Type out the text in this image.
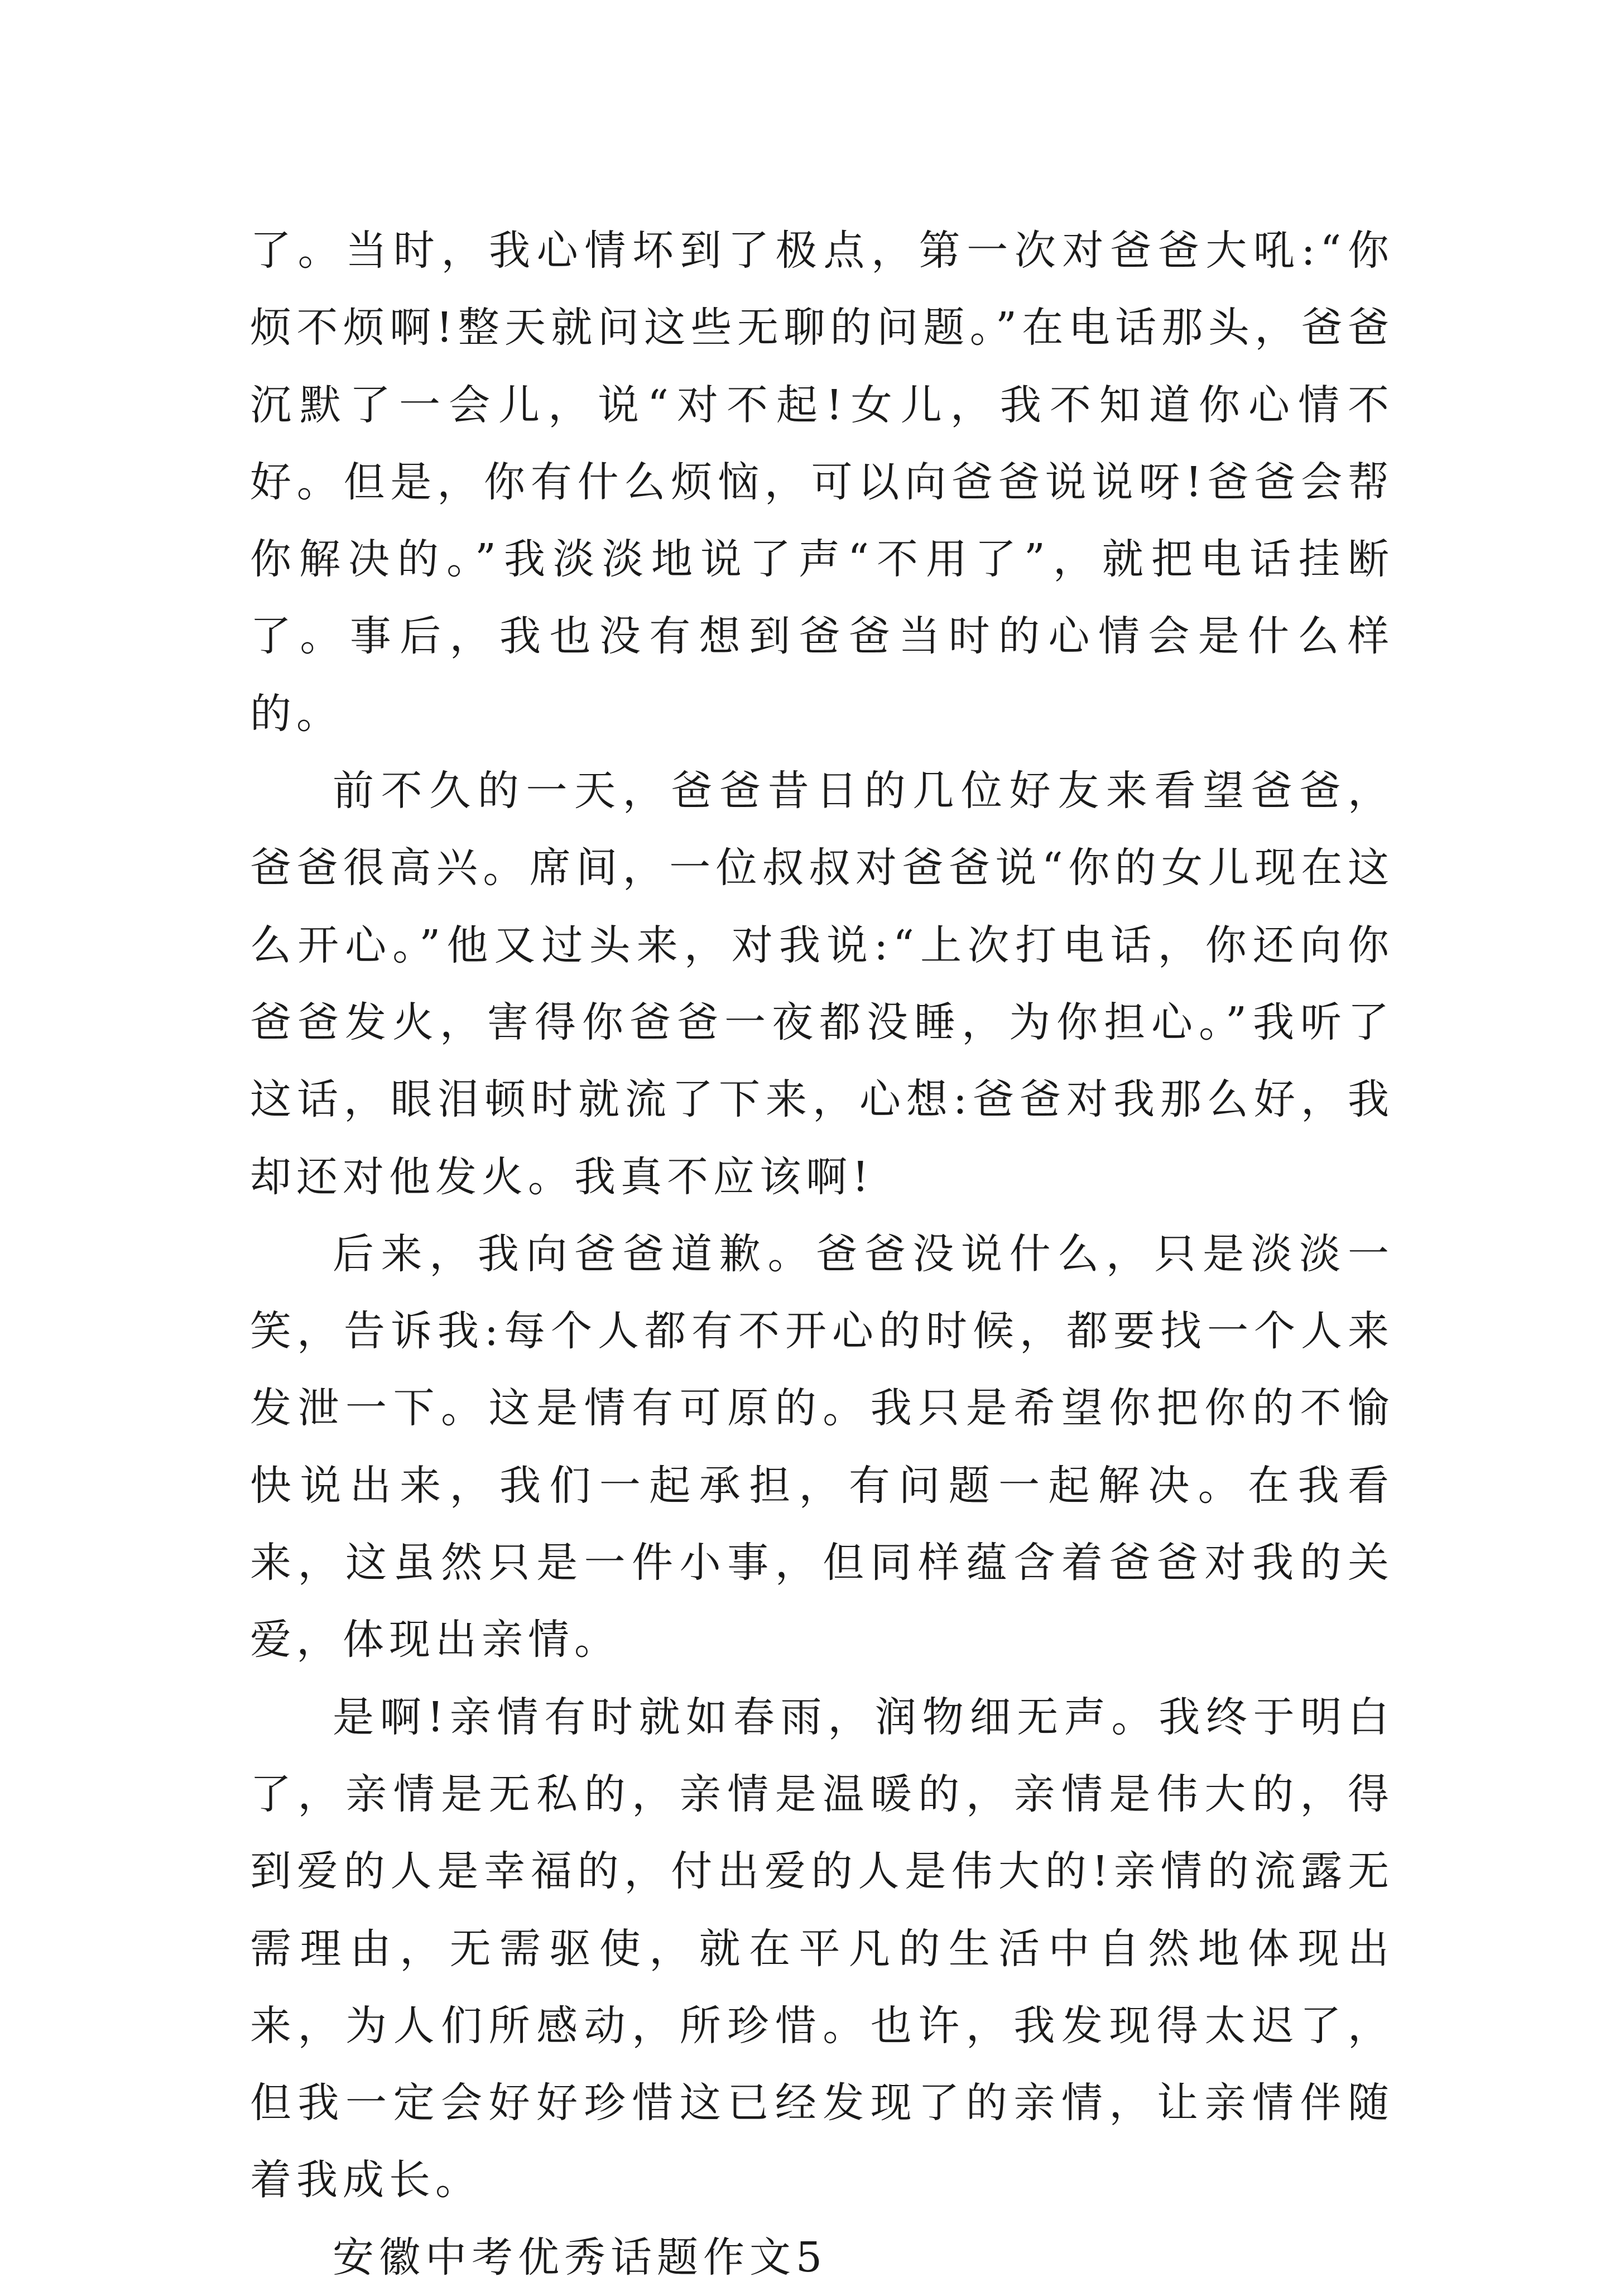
了。当时，我心情坏到了极点，第一次对爸爸大吼:“你烦不烦啊!整天就问这些无聊的问题。”在电话那头，爸爸沉默了一会儿，说“对不起!女儿，我不知道你心情不好。但是，你有什么烦恼，可以向爸爸说说呀!爸爸会帮你解决的。”我淡淡地说了声“不用了”，就把电话挂断了。事后，我也没有想到爸爸当时的心情会是什么样的。

前不久的一天，爸爸昔日的几位好友来看望爸爸，爸爸很高兴。席间，一位叔叔对爸爸说“你的女儿现在这么开心。”他又过头来，对我说:“上次打电话，你还向你爸爸发火，害得你爸爸一夜都没睡，为你担心。”我听了这话，眼泪顿时就流了下来，心想:爸爸对我那么好，我却还对他发火。我真不应该啊!

后来，我向爸爸道歉。爸爸没说什么，只是淡淡一笑，告诉我:每个人都有不开心的时候，都要找一个人来发泄一下。这是情有可原的。我只是希望你把你的不愉快说出来，我们一起承担，有问题一起解决。在我看来，这虽然只是一件小事，但同样蕴含着爸爸对我的关爱，体现出亲情。

是啊!亲情有时就如春雨，润物细无声。我终于明白了，亲情是无私的，亲情是温暖的，亲情是伟大的，得到爱的人是幸福的，付出爱的人是伟大的!亲情的流露无需理由，无需驱使，就在平凡的生活中自然地体现出来，为人们所感动，所珍惜。也许，我发现得太迟了，但我一定会好好珍惜这已经发现了的亲情，让亲情伴随着我成长。

安徽中考优秀话题作文5
